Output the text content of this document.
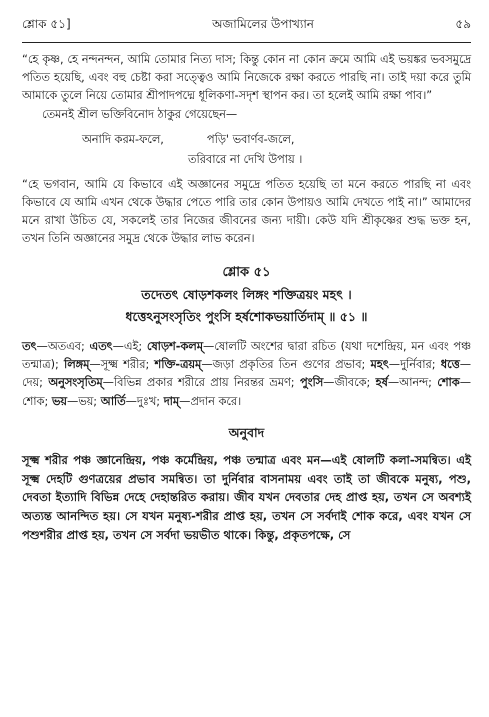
শ্লোক ৫১]	অজামিলের উপাখ্যান	৫৯

“হে কৃষ্ণ, হে নন্দনন্দন, আমি তোমার নিত্য দাস; কিন্তু কোন না কোন ক্রমে আমি এই ভয়ঙ্কর ভবসমুদ্রে পতিত হয়েছি, এবং বহু চেষ্টা করা সত্ত্বেও আমি নিজেকে রক্ষা করতে পারছি না। তাই দয়া করে তুমি আমাকে তুলে নিয়ে তোমার শ্রীপাদপদ্মে ধূলিকণা-সদৃশ স্থাপন কর। তা হলেই আমি রক্ষা পাব।”

তেমনই শ্রীল ভক্তিবিনোদ ঠাকুর গেয়েছেন—

অনাদি করম-ফলে,            পড়ি' ভবার্ণব-জলে,

তরিবারে না দেখি উপায় ।

“হে ভগবান, আমি যে কিভাবে এই অজ্ঞানের সমুদ্রে পতিত হয়েছি তা মনে করতে পারছি না এবং কিভাবে যে আমি এখন থেকে উদ্ধার পেতে পারি তার কোন উপায়ও আমি দেখতে পাই না।” আমাদের মনে রাখা উচিত যে, সকলেই তার নিজের জীবনের জন্য দায়ী। কেউ যদি শ্রীকৃষ্ণের শুদ্ধ ভক্ত হন, তখন তিনি অজ্ঞানের সমুদ্র থেকে উদ্ধার লাভ করেন।

শ্লোক ৫১
তদেতৎ ষোড়শকলং লিঙ্গং শক্তিত্রয়ং মহৎ ।
ধত্তেঽনুসংসৃতিং পুংসি হর্ষশোকভয়ার্তিদাম্ ॥ ৫১ ॥
তৎ—অতএব; এতৎ—এই; ষোড়শ-কলম্—ষোলটি অংশের দ্বারা রচিত (যথা দশেন্দ্রিয়, মন এবং পঞ্চ তন্মাত্র); লিঙ্গম্—সূক্ষ্ম শরীর; শক্তি-ত্রয়ম্—জড়া প্রকৃতির তিন গুণের প্রভাব; মহৎ—দুর্নিবার; ধত্তে—দেয়; অনুসংসৃতিম্—বিভিন্ন প্রকার শরীরে প্রায় নিরন্তর ভ্রমণ; পুংসি—জীবকে; হর্ষ—আনন্দ; শোক—শোক; ভয়—ভয়; আর্তি—দুঃখ; দাম্—প্রদান করে।
অনুবাদ

সূক্ষ্ম শরীর পঞ্চ জ্ঞানেন্দ্রিয়, পঞ্চ কর্মেন্দ্রিয়, পঞ্চ তন্মাত্র এবং মন—এই ষোলটি কলা-সমন্বিত। এই সূক্ষ্ম দেহটি গুণত্রয়ের প্রভাব সমন্বিত। তা দুর্নিবার বাসনাময় এবং তাই তা জীবকে মনুষ্য, পশু, দেবতা ইত্যাদি বিভিন্ন দেহে দেহান্তরিত করায়। জীব যখন দেবতার দেহ প্রাপ্ত হয়, তখন সে অবশ্যই অত্যন্ত আনন্দিত হয়। সে যখন মনুষ্য-শরীর প্রাপ্ত হয়, তখন সে সর্বদাই শোক করে, এবং যখন সে পশুশরীর প্রাপ্ত হয়, তখন সে সর্বদা ভয়ভীত থাকে। কিন্তু, প্রকৃতপক্ষে, সে
